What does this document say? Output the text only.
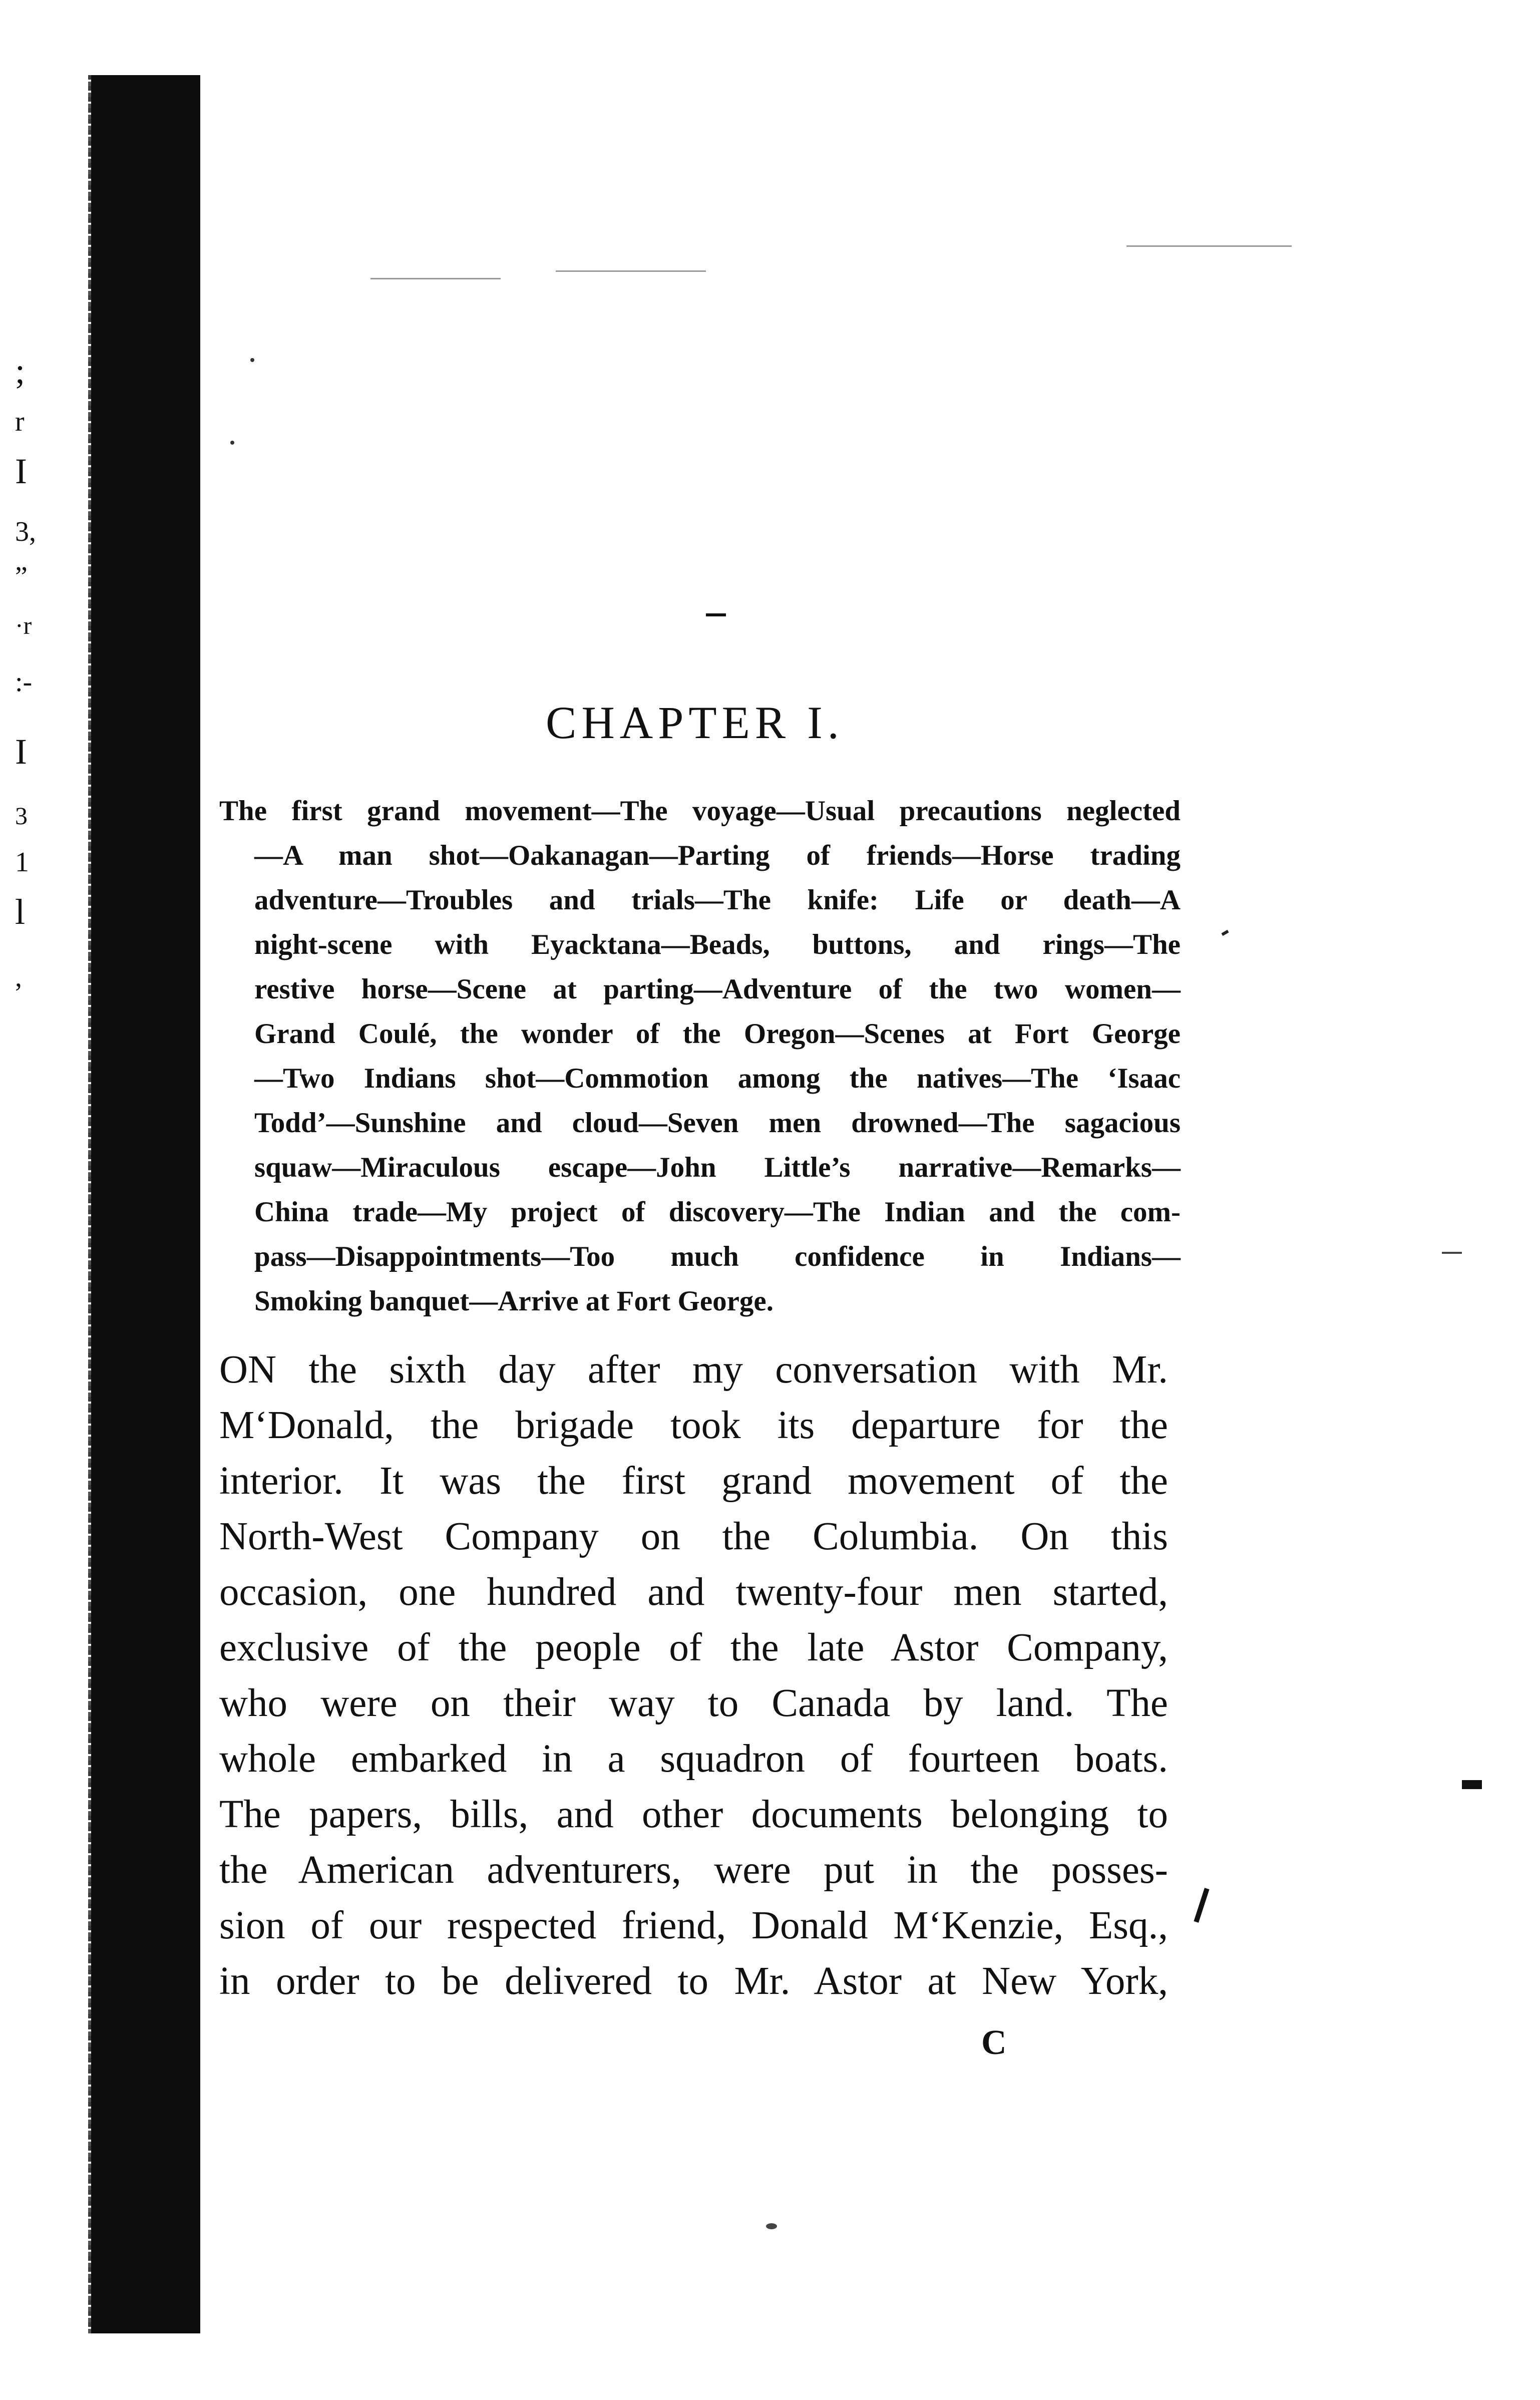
;
r
I
3,
”
·r
:-
I
3
1
l
,
CHAPTER I.
The first grand movement—The voyage—Usual precautions neglected
—A man shot—Oakanagan—Parting of friends—Horse trading
adventure—Troubles and trials—The knife: Life or death—A
night-scene with Eyacktana—Beads, buttons, and rings—The
restive horse—Scene at parting—Adventure of the two women—
Grand Coulé, the wonder of the Oregon—Scenes at Fort George
—Two Indians shot—Commotion among the natives—The ‘Isaac
Todd’—Sunshine and cloud—Seven men drowned—The sagacious
squaw—Miraculous escape—John Little’s narrative—Remarks—
China trade—My project of discovery—The Indian and the com-
pass—Disappointments—Too much confidence in Indians—
Smoking banquet—Arrive at Fort George.
ON the sixth day after my conversation with Mr.
M‘Donald, the brigade took its departure for the
interior. It was the first grand movement of the
North-West Company on the Columbia. On this
occasion, one hundred and twenty-four men started,
exclusive of the people of the late Astor Company,
who were on their way to Canada by land. The
whole embarked in a squadron of fourteen boats.
The papers, bills, and other documents belonging to
the American adventurers, were put in the posses-
sion of our respected friend, Donald M‘Kenzie, Esq.,
in order to be delivered to Mr. Astor at New York,
C
